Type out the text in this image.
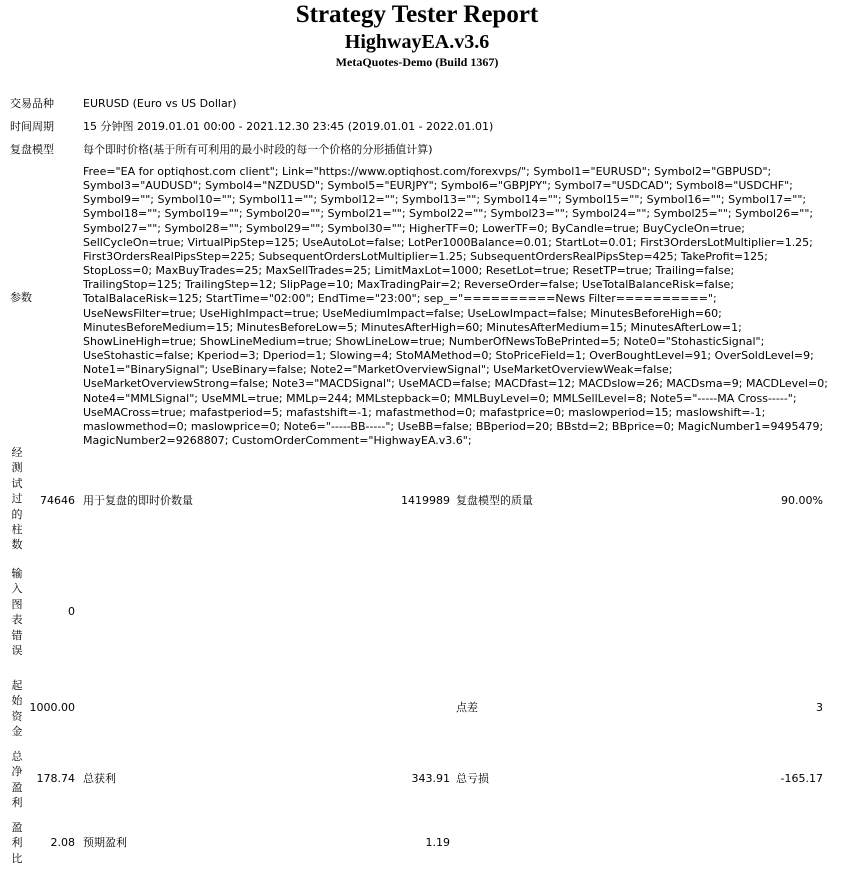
Strategy Tester Report
HighwayEA.v3.6
MetaQuotes-Demo (Build 1367)
交易品种	EURUSD (Euro vs US Dollar)
时间周期	15 分钟图 2019.01.01 00:00 - 2021.12.30 23:45 (2019.01.01 - 2022.01.01)
复盘模型	每个即时价格(基于所有可利用的最小时段的每一个价格的分形插值计算)
参数
Free="EA for optiqhost.com client"; Link="https://www.optiqhost.com/forexvps/"; Symbol1="EURUSD"; Symbol2="GBPUSD"; Symbol3="AUDUSD"; Symbol4="NZDUSD"; Symbol5="EURJPY"; Symbol6="GBPJPY"; Symbol7="USDCAD"; Symbol8="USDCHF"; Symbol9=""; Symbol10=""; Symbol11=""; Symbol12=""; Symbol13=""; Symbol14=""; Symbol15=""; Symbol16=""; Symbol17=""; Symbol18=""; Symbol19=""; Symbol20=""; Symbol21=""; Symbol22=""; Symbol23=""; Symbol24=""; Symbol25=""; Symbol26=""; Symbol27=""; Symbol28=""; Symbol29=""; Symbol30=""; HigherTF=0; LowerTF=0; ByCandle=true; BuyCycleOn=true; SellCycleOn=true; VirtualPipStep=125; UseAutoLot=false; LotPer1000Balance=0.01; StartLot=0.01; First3OrdersLotMultiplier=1.25; First3OrdersRealPipsStep=225; SubsequentOrdersLotMultiplier=1.25; SubsequentOrdersRealPipsStep=425; TakeProfit=125; StopLoss=0; MaxBuyTrades=25; MaxSellTrades=25; LimitMaxLot=1000; ResetLot=true; ResetTP=true; Trailing=false; TrailingStop=125; TrailingStep=12; SlipPage=10; MaxTradingPair=2; ReverseOrder=false; UseTotalBalanceRisk=false; TotalBalaceRisk=125; StartTime="02:00"; EndTime="23:00"; sep_="==========News Filter=========="; UseNewsFilter=true; UseHighImpact=true; UseMediumImpact=false; UseLowImpact=false; MinutesBeforeHigh=60; MinutesBeforeMedium=15; MinutesBeforeLow=5; MinutesAfterHigh=60; MinutesAfterMedium=15; MinutesAfterLow=1; ShowLineHigh=true; ShowLineMedium=true; ShowLineLow=true; NumberOfNewsToBePrinted=5; Note0="StohasticSignal"; UseStohastic=false; Kperiod=3; Dperiod=1; Slowing=4; StoMAMethod=0; StoPriceField=1; OverBoughtLevel=91; OverSoldLevel=9; Note1="BinarySignal"; UseBinary=false; Note2="MarketOverviewSignal"; UseMarketOverviewWeak=false; UseMarketOverviewStrong=false; Note3="MACDSignal"; UseMACD=false; MACDfast=12; MACDslow=26; MACDsma=9; MACDLevel=0; Note4="MMLSignal"; UseMML=true; MMLp=244; MMLstepback=0; MMLBuyLevel=0; MMLSellLevel=8; Note5="-----MA Cross-----"; UseMACross=true; mafastperiod=5; mafastshift=-1; mafastmethod=0; mafastprice=0; maslowperiod=15; maslowshift=-1; maslowmethod=0; maslowprice=0; Note6="-----BB-----"; UseBB=false; BBperiod=20; BBstd=2; BBprice=0; MagicNumber1=9495479; MagicNumber2=9268807; CustomOrderComment="HighwayEA.v3.6";
经测试过的柱数
74646 用于复盘的即时价数量	1419989 复盘模型的质量	90.00%
输入图表错误
0
起始资金
1000.00	点差	3
总净盈利
178.74 总获利	343.91 总亏损	-165.17
盈利比
2.08 预期盈利	1.19
